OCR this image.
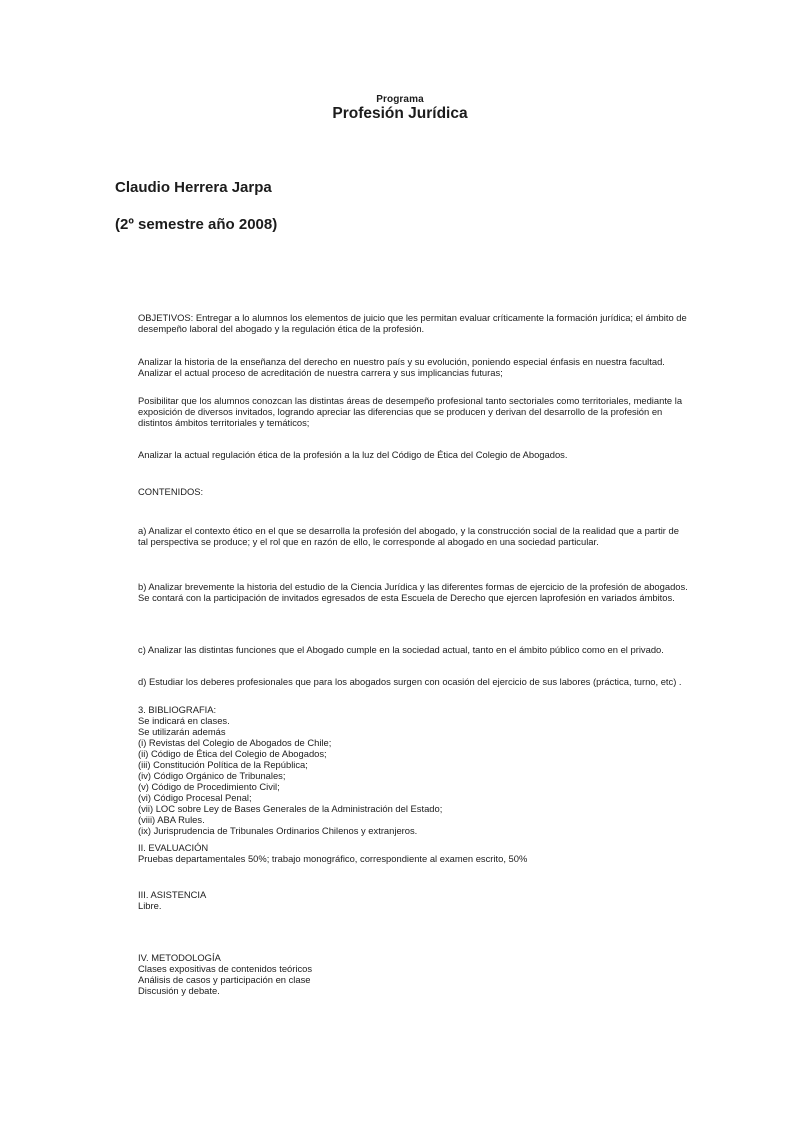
Programa
Profesión Jurídica
Claudio Herrera Jarpa
(2º semestre año 2008)

OBJETIVOS: Entregar a lo alumnos los elementos de juicio que les permitan evaluar críticamente la formación jurídica; el ámbito de desempeño laboral del abogado y la regulación ética de la profesión.

Analizar la historia de la enseñanza del derecho en nuestro país y su evolución, poniendo especial énfasis en nuestra facultad. Analizar el actual proceso de acreditación de nuestra carrera y sus implicancias futuras;

Posibilitar que los alumnos conozcan las distintas áreas de desempeño profesional tanto sectoriales como territoriales, mediante la exposición de diversos invitados, logrando apreciar las diferencias que se producen y derivan del desarrollo de la profesión en distintos ámbitos territoriales y temáticos;

Analizar la actual regulación ética de la profesión a la luz del Código de Ética del Colegio de Abogados.

CONTENIDOS:

a) Analizar el contexto ético en el que se desarrolla la profesión del abogado, y la construcción social de la realidad que a partir de tal perspectiva se produce; y el rol que en razón de ello, le corresponde al abogado en una sociedad particular.

b) Analizar brevemente la historia del estudio de la Ciencia Jurídica y las diferentes formas de ejercicio de la profesión de abogados. Se contará con la participación de invitados egresados de esta Escuela de Derecho que ejercen laprofesión en variados ámbitos.

c) Analizar las distintas funciones que el Abogado cumple en la sociedad actual, tanto en el ámbito público como en el privado.

d) Estudiar los deberes profesionales que para los abogados surgen con ocasión del ejercicio de sus labores (práctica, turno, etc) .

3. BIBLIOGRAFIA:
Se indicará en clases.
Se utilizarán además
(i) Revistas del Colegio de Abogados de Chile;
(ii) Código de Ética del Colegio de Abogados;
(iii) Constitución Política de la República;
(iv) Código Orgánico de Tribunales;
(v) Código de Procedimiento Civil;
(vi) Código Procesal Penal;
(vii) LOC sobre Ley de Bases Generales de la Administración del Estado;
(viii) ABA Rules.
(ix) Jurisprudencia de Tribunales Ordinarios Chilenos y extranjeros.
II. EVALUACIÓN
Pruebas departamentales 50%; trabajo monográfico, correspondiente al examen escrito, 50%
III. ASISTENCIA
Libre.
IV. METODOLOGÍA
Clases expositivas de contenidos teóricos
Análisis de casos y participación en clase
Discusión y debate.
